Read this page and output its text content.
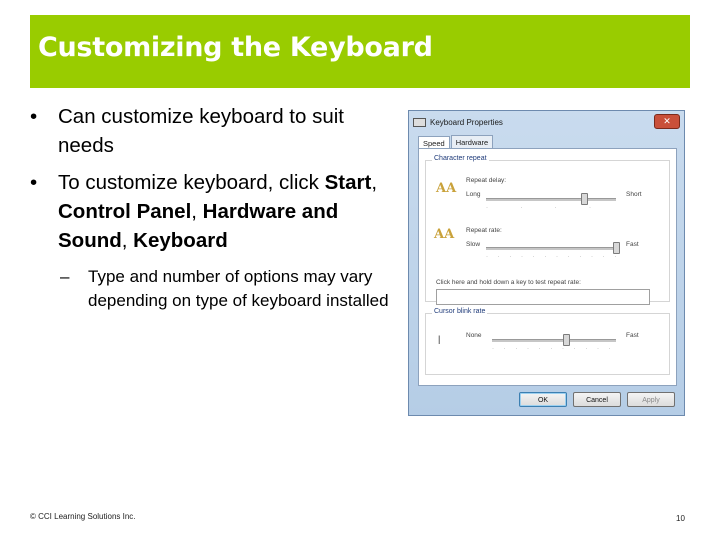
Customizing the Keyboard
• Can customize keyboard to suit needs
• To customize keyboard, click Start, Control Panel, Hardware and Sound, Keyboard
– Type and number of options may vary depending on type of keyboard installed
Keyboard Properties	✕
Speed	Hardware
Character repeat
AA
Repeat delay:
Long	Short
·     ·     ·     ·
AA Repeat rate:
Slow	Fast
· · · · · · · · · · · ·
Click here and hold down a key to test repeat rate:
Cursor blink rate
|	None	Fast
· · · · · · · · · · ·
OK	Cancel	Apply
© CCI Learning Solutions Inc.	10
